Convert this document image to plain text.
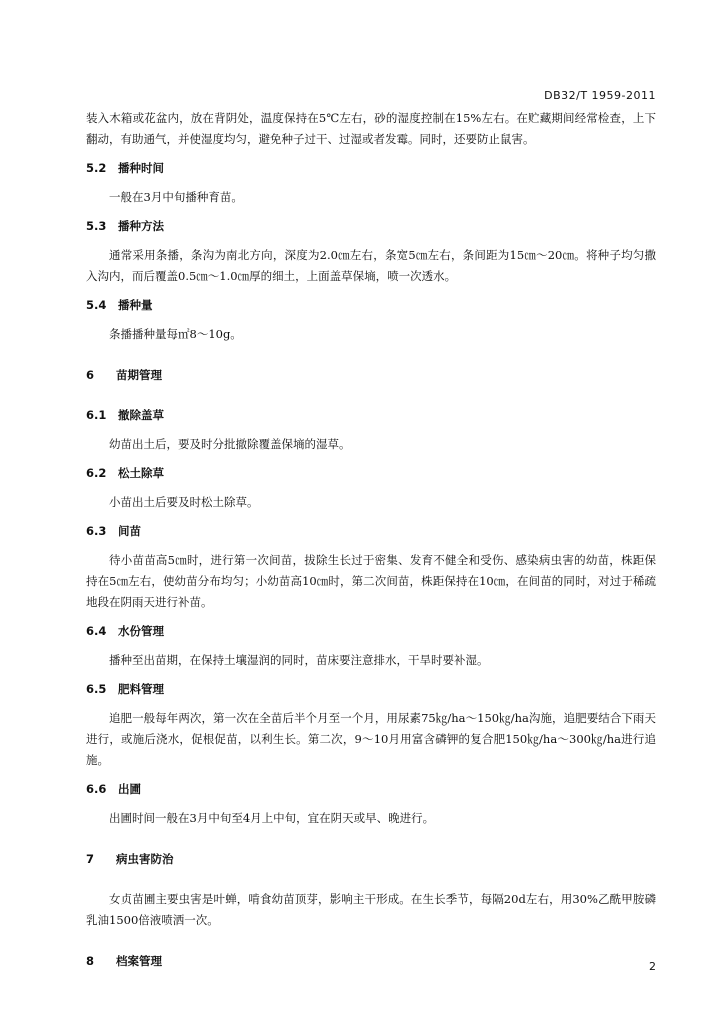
DB32/T 1959-2011

装入木箱或花盆内，放在背阴处，温度保持在5℃左右，砂的湿度控制在15%左右。在贮藏期间经常检查，上下翻动，有助通气，并使湿度均匀，避免种子过干、过湿或者发霉。同时，还要防止鼠害。

5.2	播种时间

一般在3月中旬播种育苗。

5.3	播种方法

通常采用条播，条沟为南北方向，深度为2.0㎝左右，条宽5㎝左右，条间距为15㎝～20㎝。将种子均匀撒入沟内，而后覆盖0.5㎝～1.0㎝厚的细土，上面盖草保墒，喷一次透水。

5.4	播种量

条播播种量每㎡8～10g。

6	苗期管理
6.1	撤除盖草

幼苗出土后，要及时分批撤除覆盖保墒的湿草。

6.2	松土除草

小苗出土后要及时松土除草。

6.3	间苗

待小苗苗高5㎝时，进行第一次间苗，拔除生长过于密集、发育不健全和受伤、感染病虫害的幼苗，株距保持在5㎝左右，使幼苗分布均匀；小幼苗高10㎝时，第二次间苗，株距保持在10㎝，在间苗的同时，对过于稀疏地段在阴雨天进行补苗。

6.4	水份管理

播种至出苗期，在保持土壤湿润的同时，苗床要注意排水，干旱时要补湿。

6.5	肥料管理

追肥一般每年两次，第一次在全苗后半个月至一个月，用尿素75㎏/ha～150㎏/ha沟施，追肥要结合下雨天进行，或施后浇水，促根促苗，以利生长。第二次，9～10月用富含磷钾的复合肥150㎏/ha～300㎏/ha进行追施。

6.6	出圃

出圃时间一般在3月中旬至4月上中旬，宜在阴天或早、晚进行。

7	病虫害防治

女贞苗圃主要虫害是叶蝉，啃食幼苗顶芽，影响主干形成。在生长季节，每隔20d左右，用30%乙酰甲胺磷乳油1500倍液喷洒一次。

8	档案管理	2
